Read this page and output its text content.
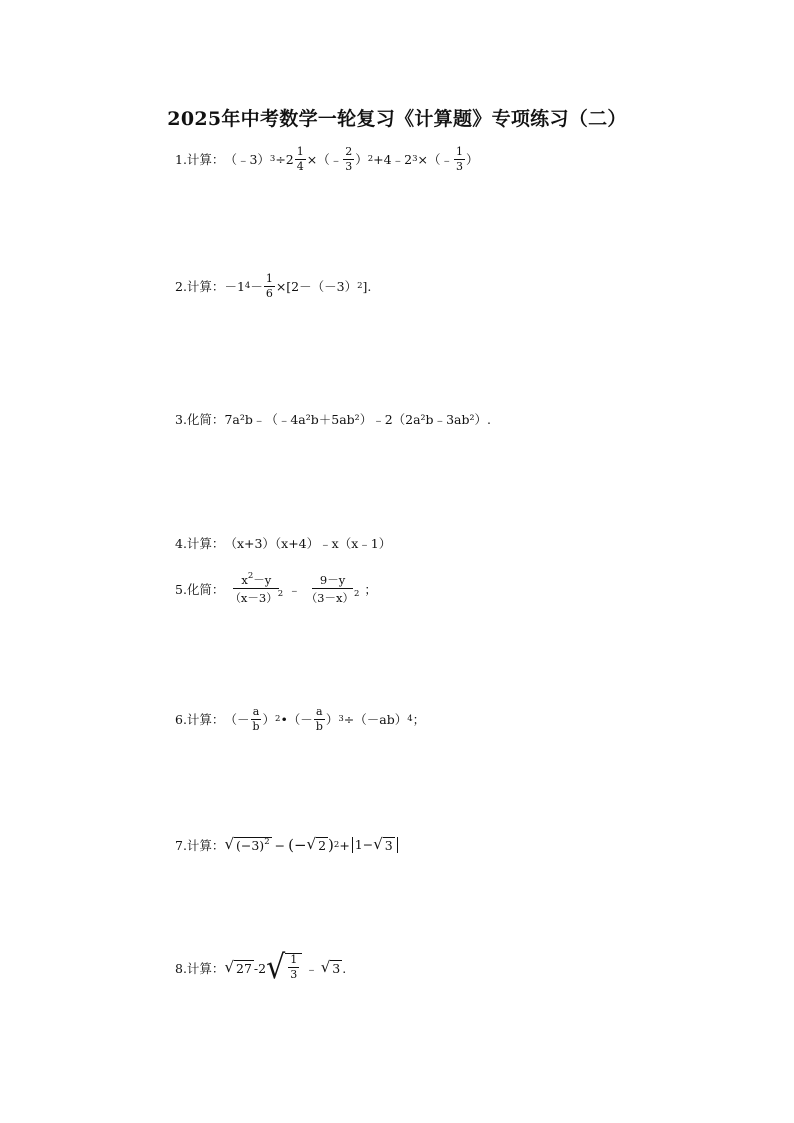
2025年中考数学一轮复习《计算题》专项练习（二）
1.计算： （﹣3） $3 \div 2 \frac{1}{4}$ ×（﹣ $\frac{2}{3}$ ） 2 +4﹣2 3 ×（﹣ $\frac{1}{3}$ ）
2.计算： －1 $4 - \frac{1}{6} \times[2-(-3)$ 2 ].
3.化简： 7a²b﹣（﹣4a²b＋5ab²）﹣2（2a²b﹣3ab²）.
4.计算： （x+3）（x+4）﹣x（x﹣1）
5.化简： $\frac{x^2-y}{(x-3)^2}$ ﹣ $\frac{9-y}{(3-x)^2}$ ；
6.计算： （－ $\frac{a}{b}$ ） 2 •（－ $\frac{a}{b}$ ） 3 ÷（－ab） 4 ；
7.计算： √ $(-3)^2$ − (− √ 2 ) 2 + 1− √ 3
8.计算： √ 27 -2 √ $\frac{1}{3}$ ﹣ √ 3 .
